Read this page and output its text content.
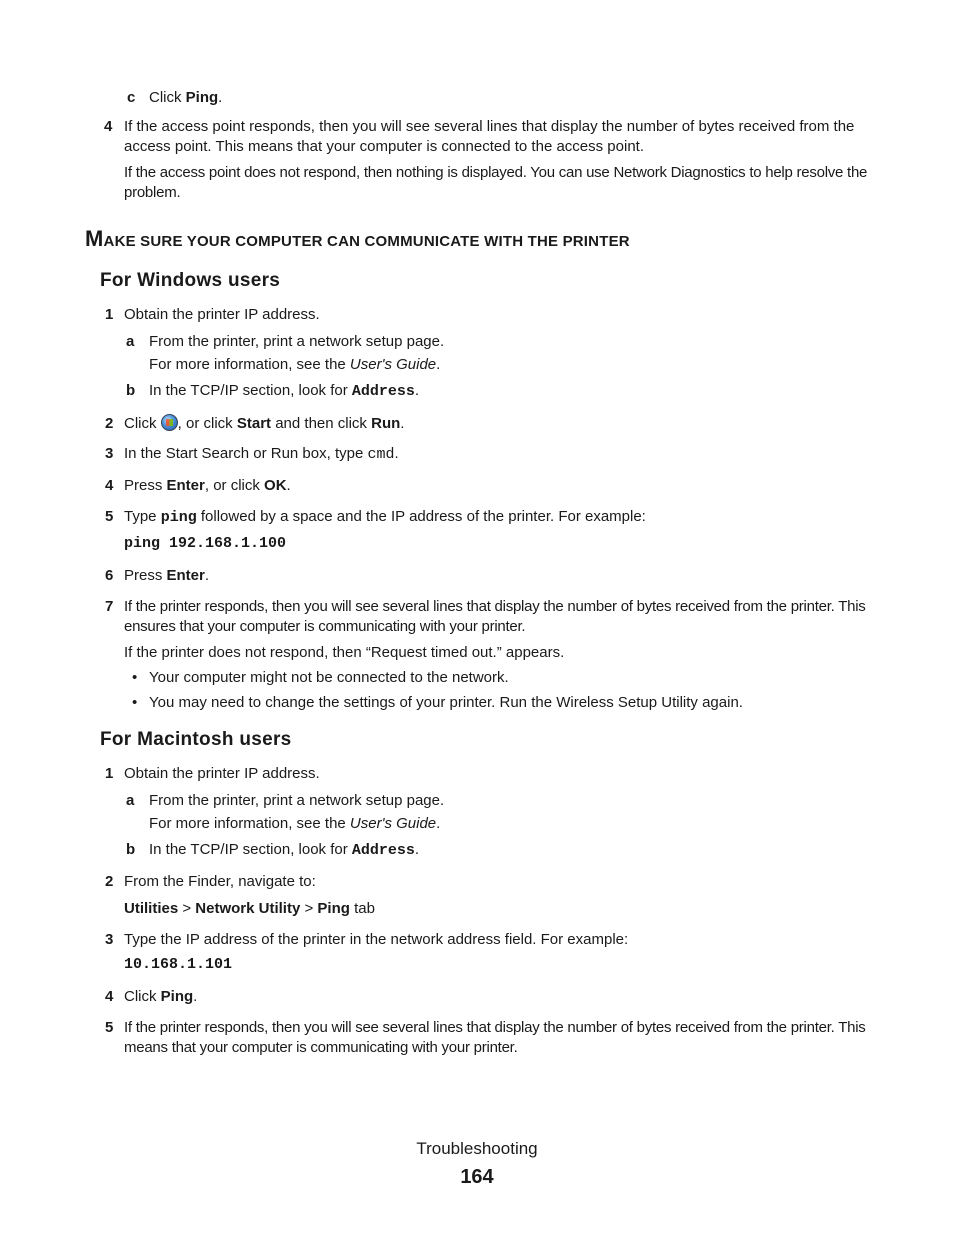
c Click Ping.
4 If the access point responds, then you will see several lines that display the number of bytes received from the access point. This means that your computer is connected to the access point.
If the access point does not respond, then nothing is displayed. You can use Network Diagnostics to help resolve the problem.
MAKE SURE YOUR COMPUTER CAN COMMUNICATE WITH THE PRINTER
For Windows users
1 Obtain the printer IP address.
a From the printer, print a network setup page.
For more information, see the User's Guide.
b In the TCP/IP section, look for Address.
2 Click , or click Start and then click Run.
3 In the Start Search or Run box, type cmd.
4 Press Enter, or click OK.
5 Type ping followed by a space and the IP address of the printer. For example:
ping 192.168.1.100
6 Press Enter.
7 If the printer responds, then you will see several lines that display the number of bytes received from the printer. This ensures that your computer is communicating with your printer.
If the printer does not respond, then “Request timed out.” appears.
• Your computer might not be connected to the network.
• You may need to change the settings of your printer. Run the Wireless Setup Utility again.
For Macintosh users
1 Obtain the printer IP address.
a From the printer, print a network setup page.
For more information, see the User's Guide.
b In the TCP/IP section, look for Address.
2 From the Finder, navigate to:
Utilities > Network Utility > Ping tab
3 Type the IP address of the printer in the network address field. For example:
10.168.1.101
4 Click Ping.
5 If the printer responds, then you will see several lines that display the number of bytes received from the printer. This means that your computer is communicating with your printer.
Troubleshooting
164
